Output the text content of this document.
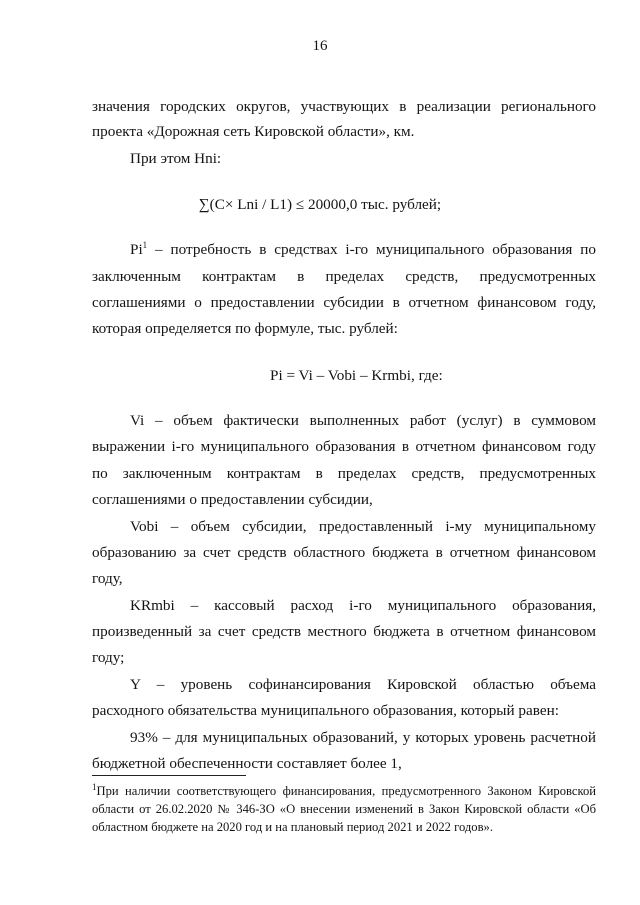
16
значения городских округов, участвующих в реализации регионального
проекта «Дорожная сеть Кировской области», км.
При этом Hni:
∑(C× Lni / L1) ≤ 20000,0 тыс. рублей;
Pi$^1$ – потребность в средствах i-го муниципального образования по
заключенным контрактам в пределах средств, предусмотренных
соглашениями о предоставлении субсидии в отчетном финансовом году,
которая определяется по формуле, тыс. рублей:
Pi = Vi – Vobi – Krmbi, где:
Vi – объем фактически выполненных работ (услуг) в суммовом
выражении i-го муниципального образования в отчетном финансовом году
по заключенным контрактам в пределах средств, предусмотренных
соглашениями о предоставлении субсидии,
Vobi – объем субсидии, предоставленный i-му муниципальному
образованию за счет средств областного бюджета в отчетном финансовом
году,
KRmbi – кассовый расход i-го муниципального образования,
произведенный за счет средств местного бюджета в отчетном финансовом
году;
Y – уровень софинансирования Кировской областью объема
расходного обязательства муниципального образования, который равен:
93% – для муниципальных образований, у которых уровень расчетной
бюджетной обеспеченности составляет более 1,
$^1$При наличии соответствующего финансирования, предусмотренного Законом Кировской
области от 26.02.2020 № 346-ЗО «О внесении изменений в Закон Кировской области «Об
областном бюджете на 2020 год и на плановый период 2021 и 2022 годов».
